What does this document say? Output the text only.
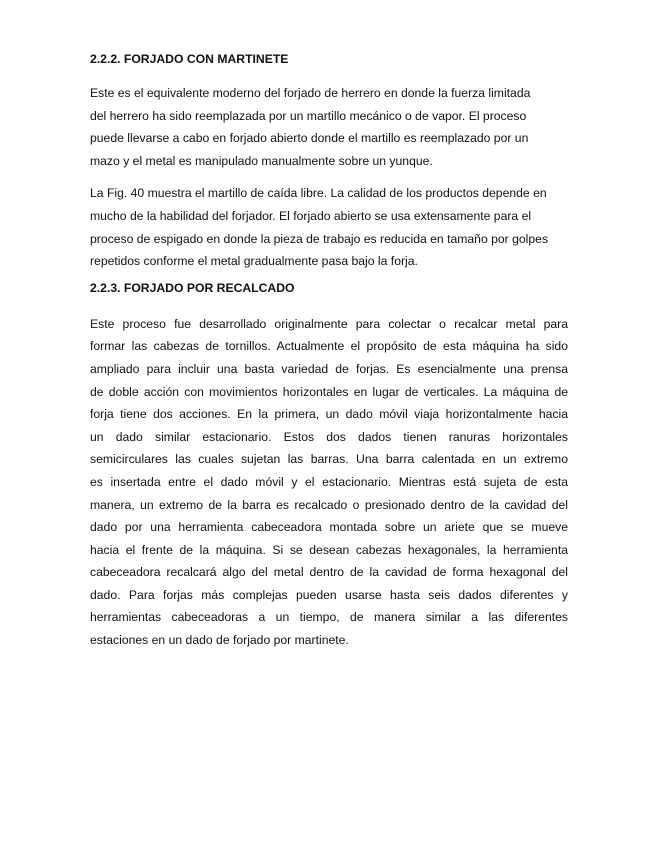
2.2.2. FORJADO CON MARTINETE

Este es el equivalente moderno del forjado de herrero en donde la fuerza limitada
del herrero ha sido reemplazada por un martillo mecánico o de vapor. El proceso
puede llevarse a cabo en forjado abierto donde el martillo es reemplazado por un
mazo y el metal es manipulado manualmente sobre un yunque.

La Fig. 40 muestra el martillo de caída libre. La calidad de los productos depende en
mucho de la habilidad del forjador. El forjado abierto se usa extensamente para el
proceso de espigado en donde la pieza de trabajo es reducida en tamaño por golpes
repetidos conforme el metal gradualmente pasa bajo la forja.

2.2.3. FORJADO POR RECALCADO

Este proceso fue desarrollado originalmente para colectar o recalcar metal para
formar las cabezas de tornillos. Actualmente el propósito de esta máquina ha sido
ampliado para incluir una basta variedad de forjas. Es esencialmente una prensa
de doble acción con movimientos horizontales en lugar de verticales. La máquina de
forja tiene dos acciones. En la primera, un dado móvil viaja horizontalmente hacia
un dado similar estacionario. Estos dos dados tienen ranuras horizontales
semicirculares las cuales sujetan las barras. Una barra calentada en un extremo
es insertada entre el dado móvil y el estacionario. Mientras está sujeta de esta
manera, un extremo de la barra es recalcado o presionado dentro de la cavidad del
dado por una herramienta cabeceadora montada sobre un ariete que se mueve
hacia el frente de la máquina. Si se desean cabezas hexagonales, la herramienta
cabeceadora recalcará algo del metal dentro de la cavidad de forma hexagonal del
dado. Para forjas más complejas pueden usarse hasta seis dados diferentes y
herramientas cabeceadoras a un tiempo, de manera similar a las diferentes
estaciones en un dado de forjado por martinete.
